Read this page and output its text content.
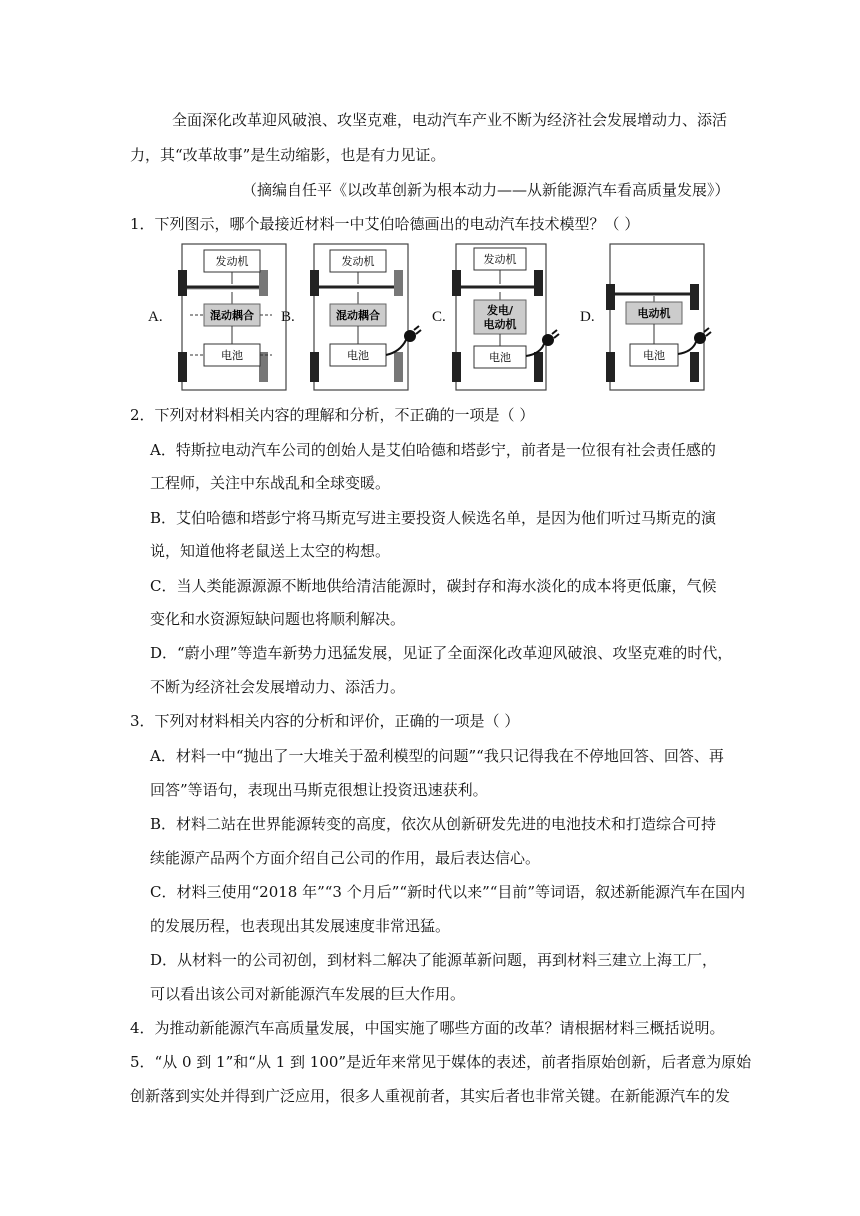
全面深化改革迎风破浪、攻坚克难，电动汽车产业不断为经济社会发展增动力、添活
力，其“改革故事”是生动缩影，也是有力见证。
（摘编自任平《以改革创新为根本动力——从新能源汽车看高质量发展》）
1．下列图示，哪个最接近材料一中艾伯哈德画出的电动汽车技术模型？（ ）
A.
发动机
混动耦合
电池
B.
发动机
混动耦合
电池
C.
发动机
发电/
电动机
电池
D.	电动机
电池
2．下列对材料相关内容的理解和分析，不正确的一项是（ ）
A．特斯拉电动汽车公司的创始人是艾伯哈德和塔彭宁，前者是一位很有社会责任感的
工程师，关注中东战乱和全球变暖。
B．艾伯哈德和塔彭宁将马斯克写进主要投资人候选名单，是因为他们听过马斯克的演
说，知道他将老鼠送上太空的构想。
C．当人类能源源源不断地供给清洁能源时，碳封存和海水淡化的成本将更低廉，气候
变化和水资源短缺问题也将顺利解决。
D．“蔚小理”等造车新势力迅猛发展，见证了全面深化改革迎风破浪、攻坚克难的时代，
不断为经济社会发展增动力、添活力。
3．下列对材料相关内容的分析和评价，正确的一项是（ ）
A．材料一中“抛出了一大堆关于盈利模型的问题”“我只记得我在不停地回答、回答、再
回答”等语句，表现出马斯克很想让投资迅速获利。
B．材料二站在世界能源转变的高度，依次从创新研发先进的电池技术和打造综合可持
续能源产品两个方面介绍自己公司的作用，最后表达信心。
C．材料三使用“2018 年”“3 个月后”“新时代以来”“目前”等词语，叙述新能源汽车在国内
的发展历程，也表现出其发展速度非常迅猛。
D．从材料一的公司初创，到材料二解决了能源革新问题，再到材料三建立上海工厂，
可以看出该公司对新能源汽车发展的巨大作用。
4．为推动新能源汽车高质量发展，中国实施了哪些方面的改革？请根据材料三概括说明。
5．“从 0 到 1”和“从 1 到 100”是近年来常见于媒体的表述，前者指原始创新，后者意为原始
创新落到实处并得到广泛应用，很多人重视前者，其实后者也非常关键。在新能源汽车的发
